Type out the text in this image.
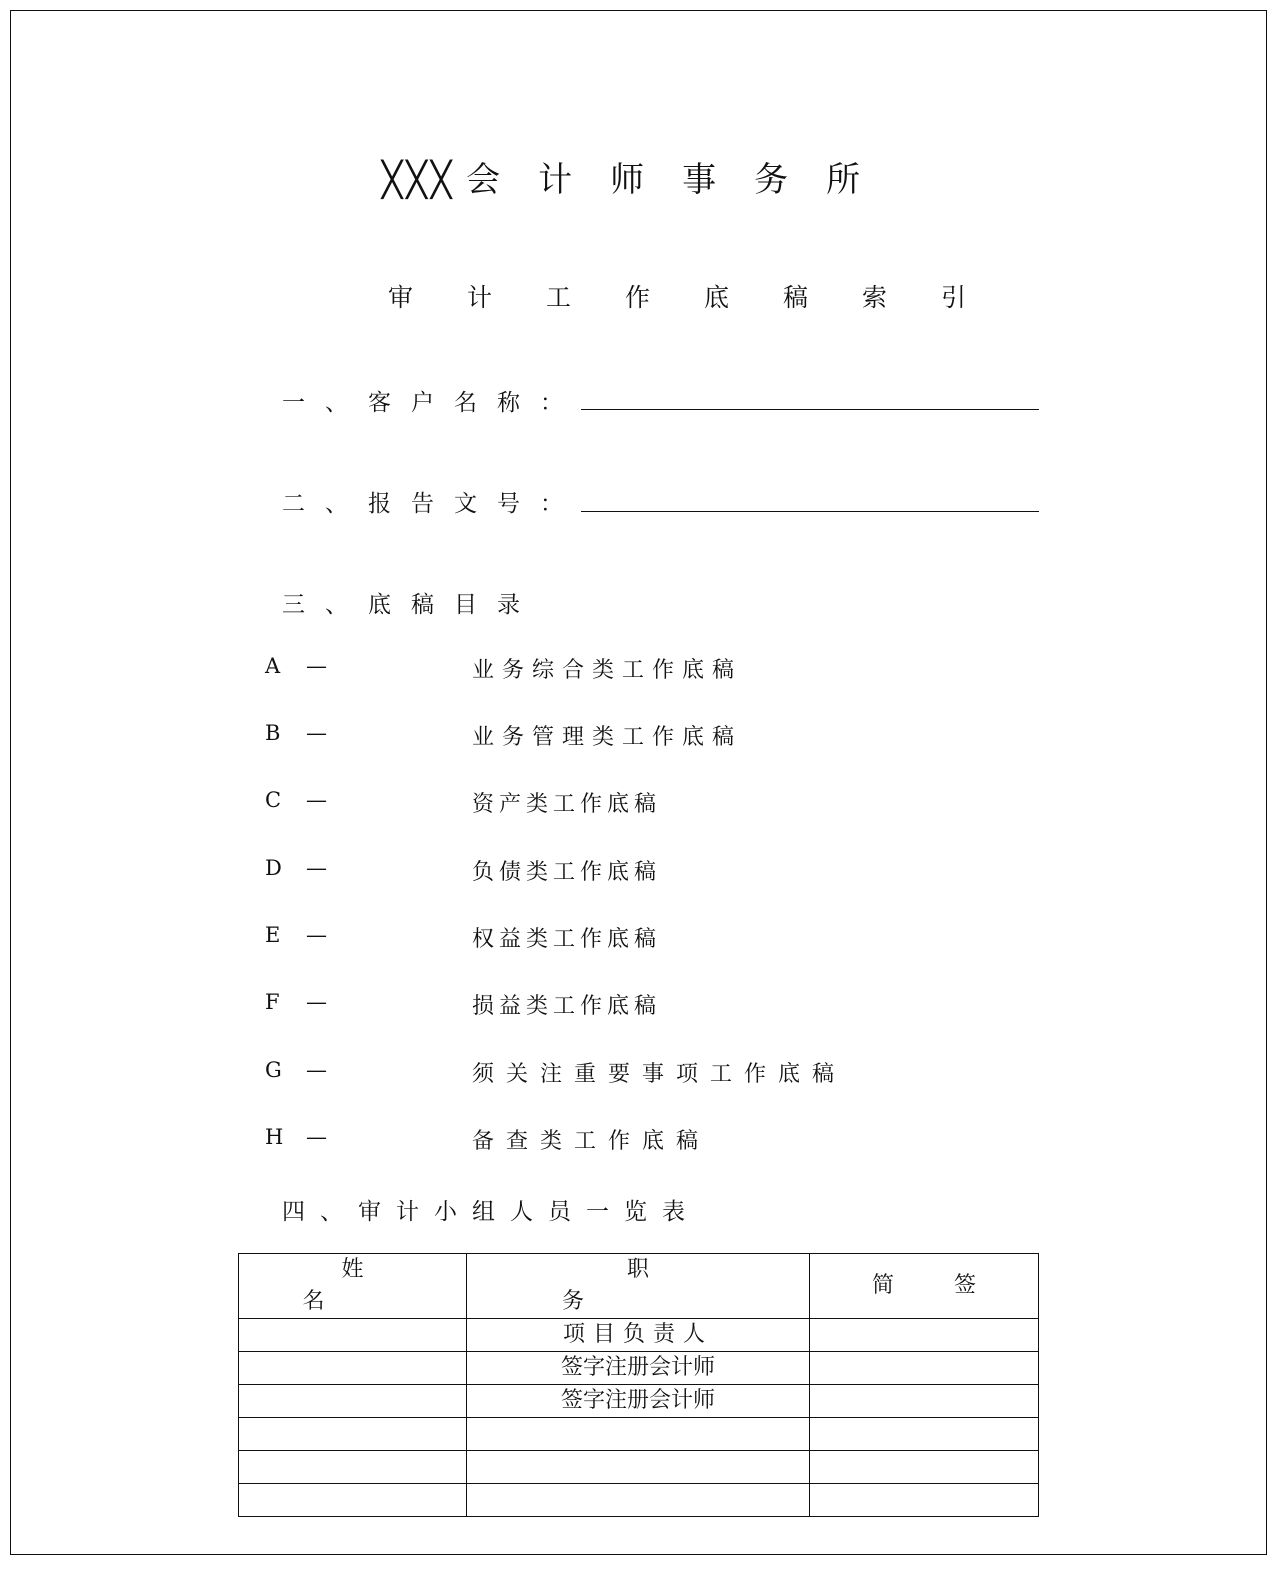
╳╳╳ 会计师事务所
审计工作底稿索引
一、客户名称：
二、报告文号：
三、底稿目录
A	—	业务综合类工作底稿
B	—	业务管理类工作底稿
C	—	资产类工作底稿
D	—	负债类工作底稿
E	—	权益类工作底稿
F	—	损益类工作底稿
G	—	须关注重要事项工作底稿
H	—	备查类工作底稿
四、审计小组人员一览表
姓名	职务	简签
	项目负责人	
	签字注册会计师	
	签字注册会计师	
